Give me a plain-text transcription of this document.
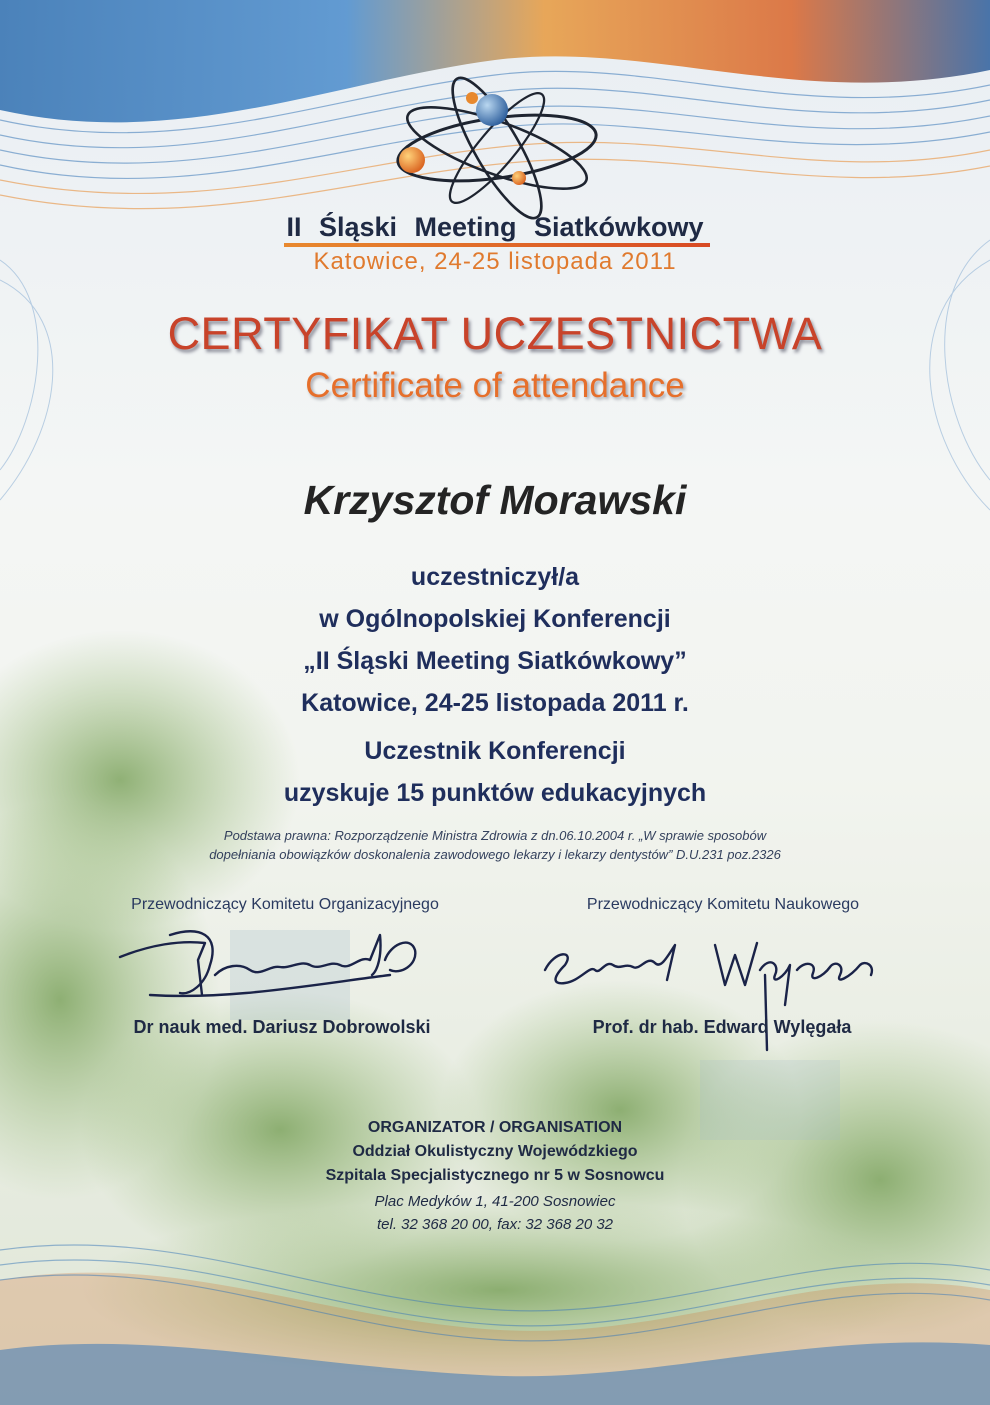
II Śląski Meeting Siatkówkowy
Katowice, 24-25 listopada 2011
CERTYFIKAT UCZESTNICTWA
Certificate of attendance
Krzysztof Morawski
uczestniczył/a
w Ogólnopolskiej Konferencji
„II Śląski Meeting Siatkówkowy”
Katowice, 24-25 listopada 2011 r.
Uczestnik Konferencji
uzyskuje 15 punktów edukacyjnych
Podstawa prawna: Rozporządzenie Ministra Zdrowia z dn.06.10.2004 r. „W sprawie sposobów
dopełniania obowiązków doskonalenia zawodowego lekarzy i lekarzy dentystów” D.U.231 poz.2326
Przewodniczący Komitetu Organizacyjnego	Przewodniczący Komitetu Naukowego
Dr nauk med. Dariusz Dobrowolski	Prof. dr hab. Edward Wylęgała
ORGANIZATOR / ORGANISATION
Oddział Okulistyczny Wojewódzkiego
Szpitala Specjalistycznego nr 5 w Sosnowcu
Plac Medyków 1, 41-200 Sosnowiec
tel. 32 368 20 00, fax: 32 368 20 32
